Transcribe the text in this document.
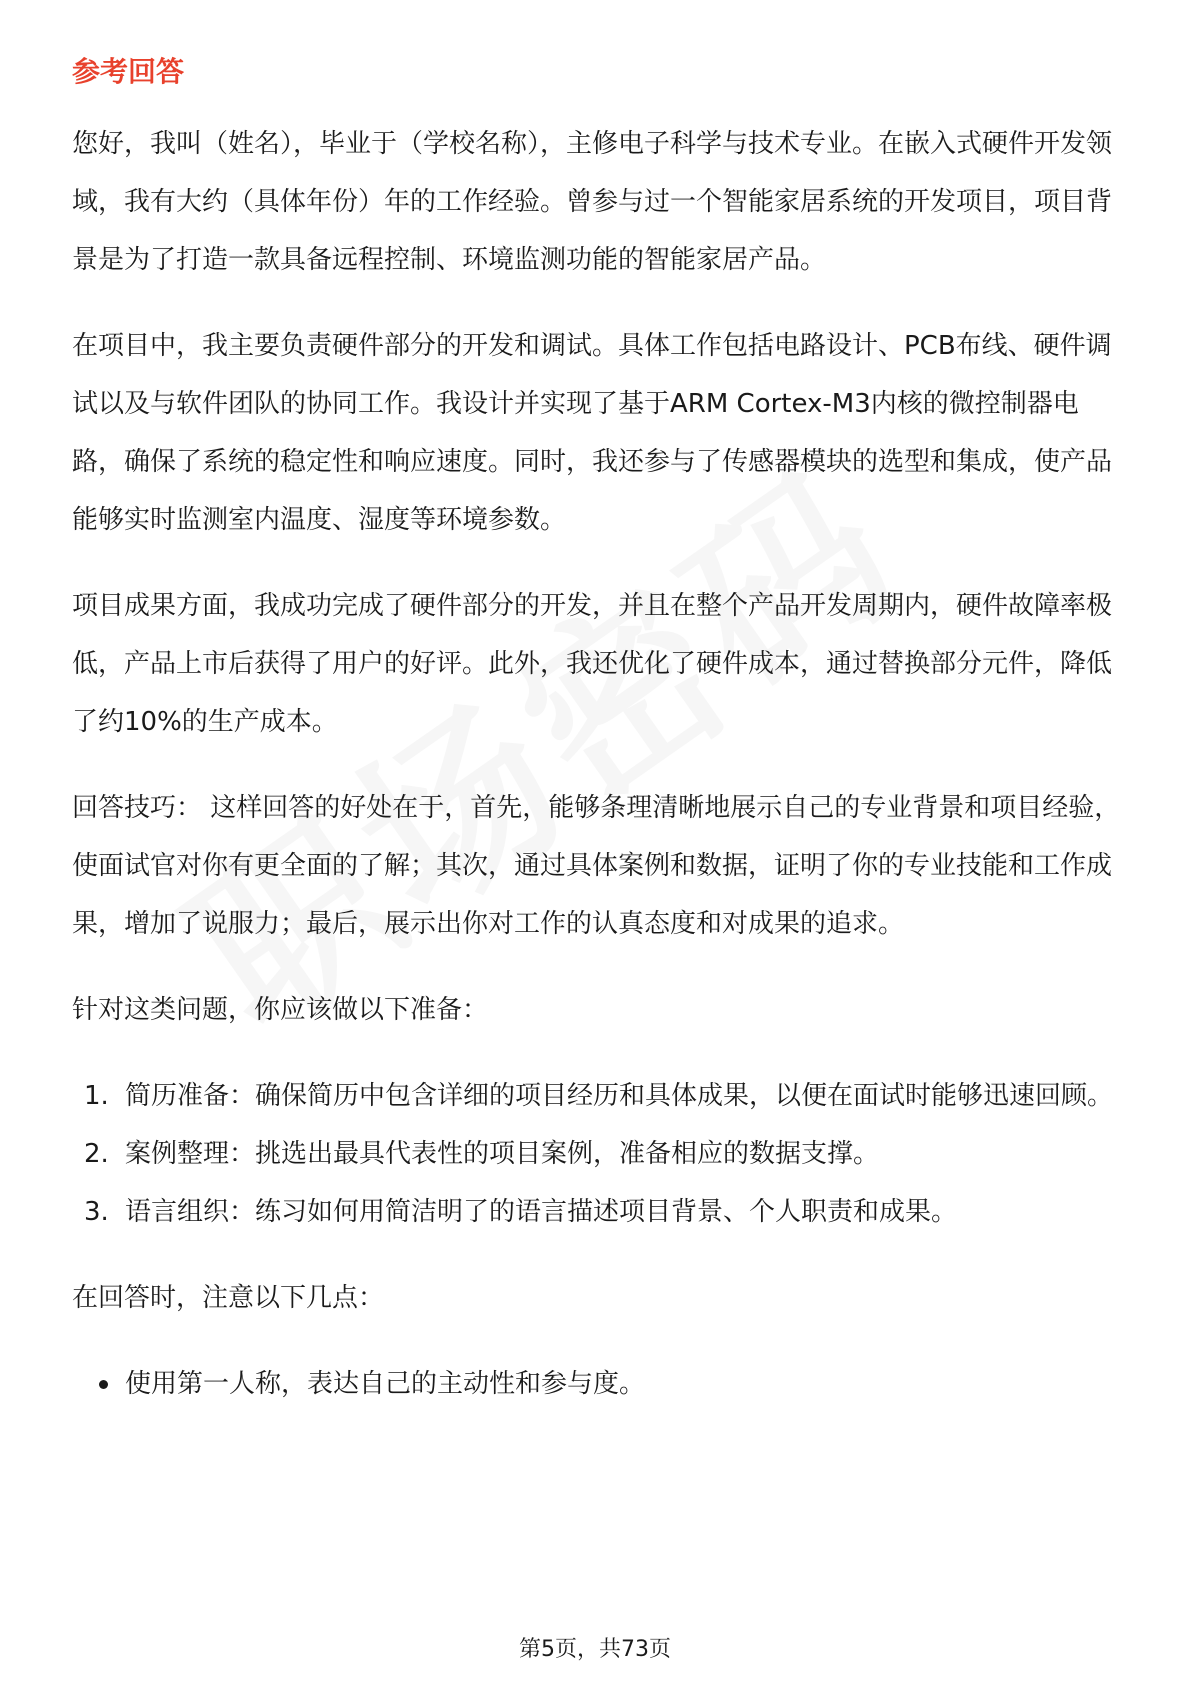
参考回答

您好，我叫（姓名），毕业于（学校名称），主修电子科学与技术专业。在嵌入式硬件开发领域，我有大约（具体年份）年的工作经验。曾参与过一个智能家居系统的开发项目，项目背景是为了打造一款具备远程控制、环境监测功能的智能家居产品。

在项目中，我主要负责硬件部分的开发和调试。具体工作包括电路设计、PCB布线、硬件调试以及与软件团队的协同工作。我设计并实现了基于ARM Cortex-M3内核的微控制器电路，确保了系统的稳定性和响应速度。同时，我还参与了传感器模块的选型和集成，使产品能够实时监测室内温度、湿度等环境参数。

项目成果方面，我成功完成了硬件部分的开发，并且在整个产品开发周期内，硬件故障率极低，产品上市后获得了用户的好评。此外，我还优化了硬件成本，通过替换部分元件，降低了约10%的生产成本。

回答技巧： 这样回答的好处在于，首先，能够条理清晰地展示自己的专业背景和项目经验，使面试官对你有更全面的了解；其次，通过具体案例和数据，证明了你的专业技能和工作成果，增加了说服力；最后，展示出你对工作的认真态度和对成果的追求。

针对这类问题，你应该做以下准备：

1. 简历准备：确保简历中包含详细的项目经历和具体成果，以便在面试时能够迅速回顾。
2. 案例整理：挑选出最具代表性的项目案例，准备相应的数据支撑。
3. 语言组织：练习如何用简洁明了的语言描述项目背景、个人职责和成果。

在回答时，注意以下几点：

使用第一人称，表达自己的主动性和参与度。
第5页，共73页
